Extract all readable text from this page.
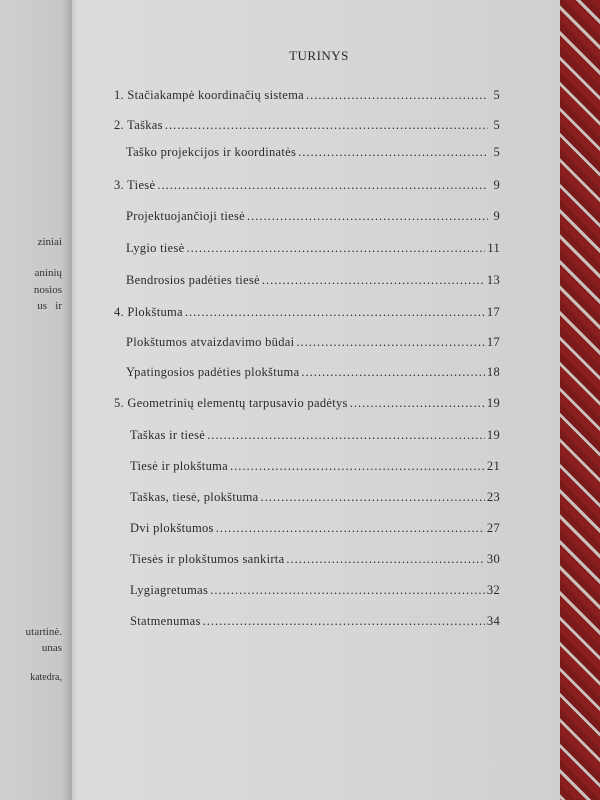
ziniai
aninių
nosios
us   ir
utartinė.
unas
katedra,
TURINYS
1. Stačiakampė koordinačių sistema .....	5
2. Taškas .....	5
Taško projekcijos ir koordinatės .....	5
3. Tiesė .....	9
Projektuojančioji tiesė .....	9
Lygio tiesė .....	11
Bendrosios padėties tiesė .....	13
4. Plokštuma .....	17
Plokštumos atvaizdavimo būdai .....	17
Ypatingosios padėties plokštuma .....	18
5. Geometrinių elementų tarpusavio padėtys .....	19
Taškas ir tiesė .....	19
Tiesė ir plokštuma .....	21
Taškas, tiesė, plokštuma .....	23
Dvi plokštumos .....	27
Tiesės ir plokštumos sankirta .....	30
Lygiagretumas .....	32
Statmenumas .....	34
